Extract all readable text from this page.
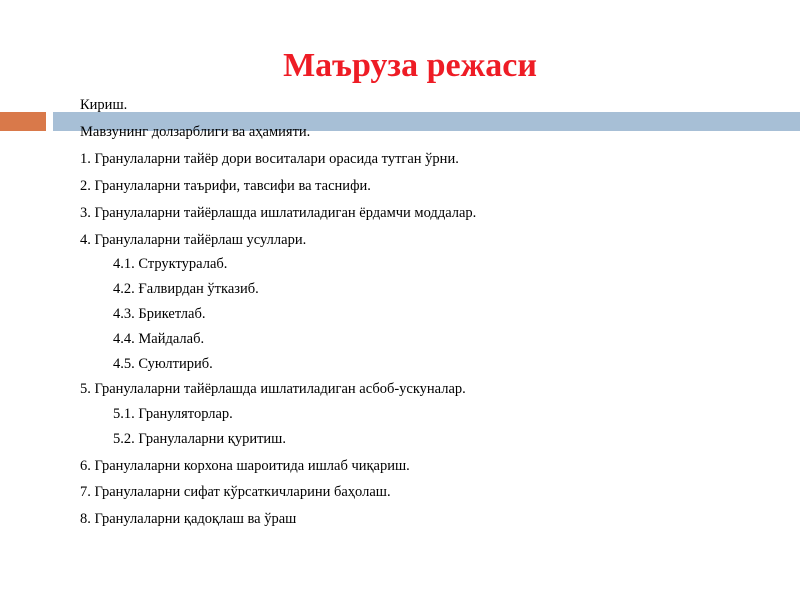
Маъруза режаси
Кириш.
Мавзунинг долзарблиги ва аҳамияти.
1. Гранулаларни тайёр дори воситалари орасида тутган ўрни.
2. Гранулаларни таърифи, тавсифи ва таснифи.
3. Гранулаларни тайёрлашда ишлатиладиган ёрдамчи моддалар.
4. Гранулаларни тайёрлаш усуллари.
4.1. Структуралаб.
4.2. Ғалвирдан ўтказиб.
4.3. Брикетлаб.
4.4. Майдалаб.
4.5. Суюлтириб.
5. Гранулаларни тайёрлашда ишлатиладиган асбоб-ускуналар.
5.1. Грануляторлар.
5.2. Гранулаларни қуритиш.
6. Гранулаларни корхона шароитида ишлаб чиқариш.
7. Гранулаларни сифат кўрсаткичларини баҳолаш.
8. Гранулаларни қадоқлаш ва ўраш
